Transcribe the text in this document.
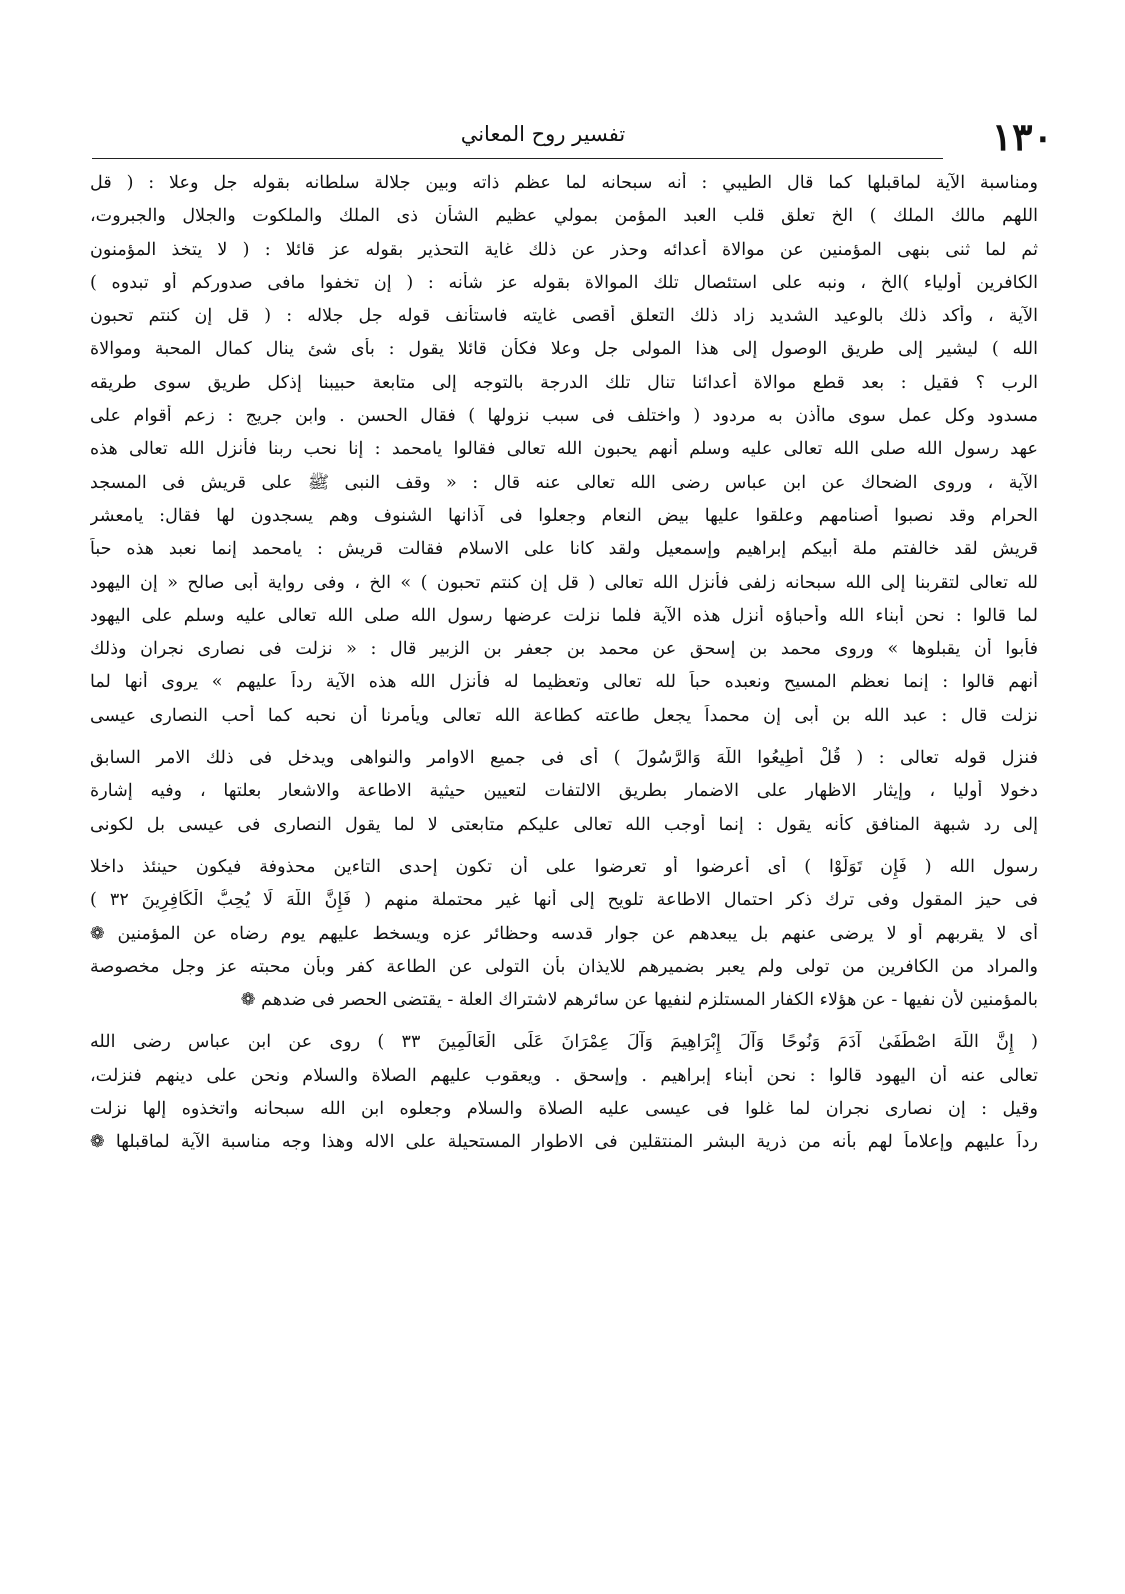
١٣٠
تفسير روح المعاني
ومناسبة الآية لماقبلها كما قال الطيبي : أنه سبحانه لما عظم ذاته وبين جلالة سلطانه بقوله جل وعلا : ( قل
اللهم مالك الملك ) الخ تعلق قلب العبد المؤمن بمولي عظيم الشأن ذى الملك والملكوت والجلال والجبروت،
ثم لما ثنى بنهى المؤمنين عن موالاة أعدائه وحذر عن ذلك غاية التحذير بقوله عز قائلا : ( لا يتخذ المؤمنون
الكافرين أولياء )الخ ، ونبه على استئصال تلك الموالاة بقوله عز شأنه : ( إن تخفوا مافى صدوركم أو تبدوه )
الآية ، وأكد ذلك بالوعيد الشديد زاد ذلك التعلق أقصى غايته فاستأنف قوله جل جلاله : ( قل إن كنتم تحبون
الله ) ليشير إلى طريق الوصول إلى هذا المولى جل وعلا فكأن قائلا يقول : بأى شئ ينال كمال المحبة وموالاة
الرب ؟ فقيل : بعد قطع موالاة أعدائنا تنال تلك الدرجة بالتوجه إلى متابعة حبيبنا إذكل طريق سوى طريقه
مسدود وكل عمل سوى ماأذن به مردود ( واختلف فى سبب نزولها ) فقال الحسن . وابن جريج : زعم أقوام على
عهد رسول الله صلى الله تعالى عليه وسلم أنهم يحبون الله تعالى فقالوا يامحمد : إنا نحب ربنا فأنزل الله تعالى هذه
الآية ، وروى الضحاك عن ابن عباس رضى الله تعالى عنه قال : « وقف النبى ﷺ على قريش فى المسجد
الحرام وقد نصبوا أصنامهم وعلقوا عليها بيض النعام وجعلوا فى آذانها الشنوف وهم يسجدون لها فقال: يامعشر
قريش لقد خالفتم ملة أبيكم إبراهيم وإسمعيل ولقد كانا على الاسلام فقالت قريش : يامحمد إنما نعبد هذه حباً
لله تعالى لتقربنا إلى الله سبحانه زلفى فأنزل الله تعالى ( قل إن كنتم تحبون ) » الخ ، وفى رواية أبى صالح « إن اليهود
لما قالوا : نحن أبناء الله وأحباؤه أنزل هذه الآية فلما نزلت عرضها رسول الله صلى الله تعالى عليه وسلم على اليهود
فأبوا أن يقبلوها » وروى محمد بن إسحق عن محمد بن جعفر بن الزبير قال : « نزلت فى نصارى نجران وذلك
أنهم قالوا : إنما نعظم المسيح ونعبده حباً لله تعالى وتعظيما له فأنزل الله هذه الآية رداً عليهم » يروى أنها لما
نزلت قال : عبد الله بن أبى إن محمداً يجعل طاعته كطاعة الله تعالى ويأمرنا أن نحبه كما أحب النصارى عيسى
فنزل قوله تعالى : ( قُلْ أَطِيعُوا اللَّهَ وَالرَّسُولَ ) أى فى جميع الاوامر والنواهى ويدخل فى ذلك الامر السابق
دخولا أوليا ، وإيثار الاظهار على الاضمار بطريق الالتفات لتعيين حيثية الاطاعة والاشعار بعلتها ، وفيه إشارة
إلى رد شبهة المنافق كأنه يقول : إنما أوجب الله تعالى عليكم متابعتى لا لما يقول النصارى فى عيسى بل لكونى
رسول الله ( فَإِن تَوَلَّوْا ) أى أعرضوا أو تعرضوا على أن تكون إحدى التاءين محذوفة فيكون حينئذ داخلا
فى حيز المقول وفى ترك ذكر احتمال الاطاعة تلويح إلى أنها غير محتملة منهم ( فَإِنَّ اللَّهَ لَا يُحِبُّ الْكَافِرِينَ ٣٢ )
أى لا يقربهم أو لا يرضى عنهم بل يبعدهم عن جوار قدسه وحظائر عزه ويسخط عليهم يوم رضاه عن المؤمنين ❁
والمراد من الكافرين من تولى ولم يعبر بضميرهم للايذان بأن التولى عن الطاعة كفر وبأن محبته عز وجل مخصوصة
بالمؤمنين لأن نفيها - عن هؤلاء الكفار المستلزم لنفيها عن سائرهم لاشتراك العلة - يقتضى الحصر فى ضدهم ❁
( إِنَّ اللَّهَ اصْطَفَىٰ آدَمَ وَنُوحًا وَآلَ إِبْرَاهِيمَ وَآلَ عِمْرَانَ عَلَى الْعَالَمِينَ ٣٣ ) روى عن ابن عباس رضى الله
تعالى عنه أن اليهود قالوا : نحن أبناء إبراهيم . وإسحق . ويعقوب عليهم الصلاة والسلام ونحن على دينهم فنزلت،
وقيل : إن نصارى نجران لما غلوا فى عيسى عليه الصلاة والسلام وجعلوه ابن الله سبحانه واتخذوه إلها نزلت
رداً عليهم وإعلاماً لهم بأنه من ذرية البشر المنتقلين فى الاطوار المستحيلة على الاله وهذا وجه مناسبة الآية لماقبلها ❁
